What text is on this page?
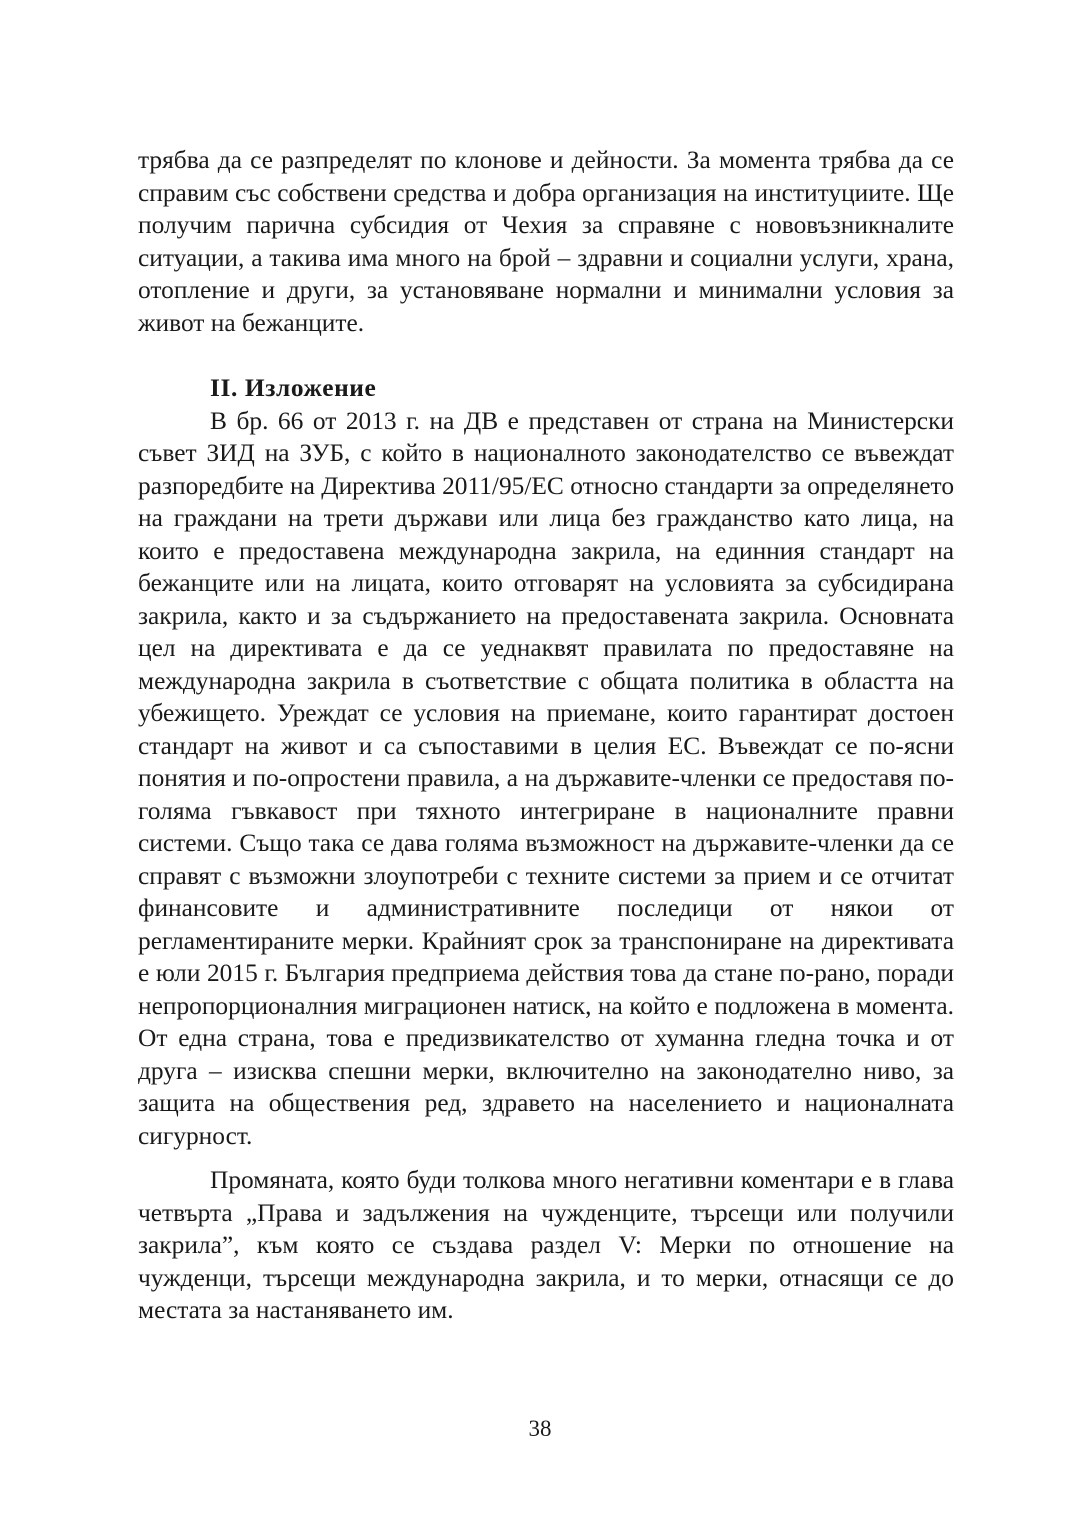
трябва да се разпределят по клонове и дейности. За момента трябва да се справим със собствени средства и добра организация на институциите. Ще получим парична субсидия от Чехия за справяне с нововъзникналите ситуации, а такива има много на брой – здравни и социални услуги, храна, отопление и други, за установяване нормални и минимални условия за живот на бежанците.

II. Изложение

В бр. 66 от 2013 г. на ДВ е представен от страна на Министерски съвет ЗИД на ЗУБ, с който в националното законодателство се въвеждат разпоредбите на Директива 2011/95/ЕС относно стандарти за определянето на граждани на трети държави или лица без гражданство като лица, на които е предоставена международна закрила, на единния стандарт на бежанците или на лицата, които отговарят на условията за субсидирана закрила, както и за съдържанието на предоставената закрила. Основната цел на директивата е да се уеднаквят правилата по предоставяне на международна закрила в съответствие с общата политика в областта на убежището. Уреждат се условия на приемане, които гарантират достоен стандарт на живот и са съпоставими в целия ЕС. Въвеждат се по-ясни понятия и по-опростени правила, а на държавите-членки се предоставя по-голяма гъвкавост при тяхното интегриране в националните правни системи. Също така се дава голяма възможност на държавите-членки да се справят с възможни злоупотреби с техните системи за прием и се отчитат финансовите и административните последици от някои от регламентираните мерки. Крайният срок за транспониране на директивата е юли 2015 г. България предприема действия това да стане по-рано, поради непропорционалния миграционен натиск, на който е подложена в момента. От една страна, това е предизвикателство от хуманна гледна точка и от друга – изисква спешни мерки, включително на законодателно ниво, за защита на обществения ред, здравето на населението и националната сигурност.

Промяната, която буди толкова много негативни коментари е в глава четвърта „Права и задължения на чужденците, търсещи или получили закрила”, към която се създава раздел V: Мерки по отношение на чужденци, търсещи международна закрила, и то мерки, отнасящи се до местата за настаняването им.

38
